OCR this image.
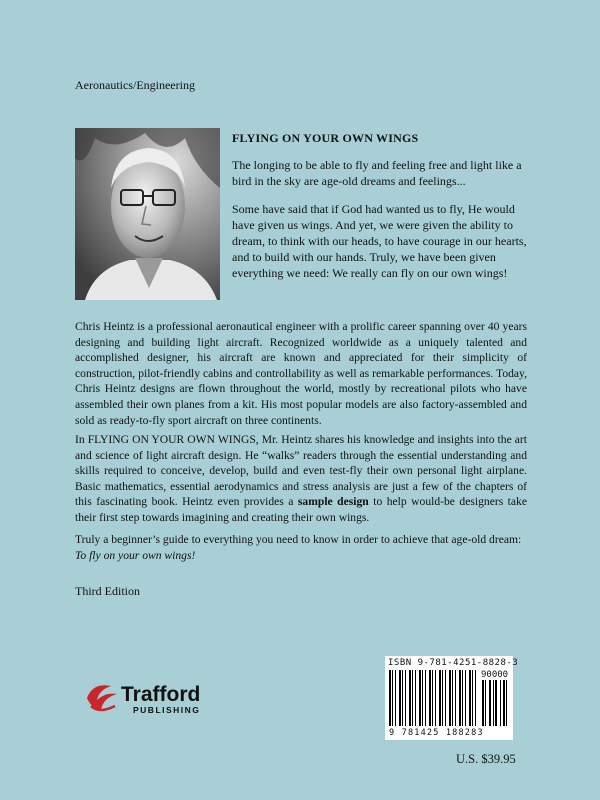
Aeronautics/Engineering
FLYING ON YOUR OWN WINGS

The longing to be able to fly and feeling free and light like a bird in the sky are age-old dreams and feelings...

Some have said that if God had wanted us to fly, He would have given us wings. And yet, we were given the ability to dream, to think with our heads, to have courage in our hearts, and to build with our hands. Truly, we have been given everything we need: We really can fly on our own wings!

Chris Heintz is a professional aeronautical engineer with a prolific career spanning over 40 years designing and building light aircraft. Recognized worldwide as a uniquely talented and accomplished designer, his aircraft are known and appreciated for their simplicity of construction, pilot-friendly cabins and controllability as well as remarkable performances. Today, Chris Heintz designs are flown throughout the world, mostly by recreational pilots who have assembled their own planes from a kit. His most popular models are also factory-assembled and sold as ready-to-fly sport aircraft on three continents.

In FLYING ON YOUR OWN WINGS, Mr. Heintz shares his knowledge and insights into the art and science of light aircraft design. He “walks” readers through the essential understanding and skills required to conceive, develop, build and even test-fly their own personal light airplane. Basic mathematics, essential aerodynamics and stress analysis are just a few of the chapters of this fascinating book. Heintz even provides a sample design to help would-be designers take their first step towards imagining and creating their own wings.

Truly a beginner’s guide to everything you need to know in order to achieve that age-old dream:

To fly on your own wings!

Third Edition
Trafford
PUBLISHING
ISBN 9-781-4251-8828-3
90000
9 781425 188283
U.S. $39.95
